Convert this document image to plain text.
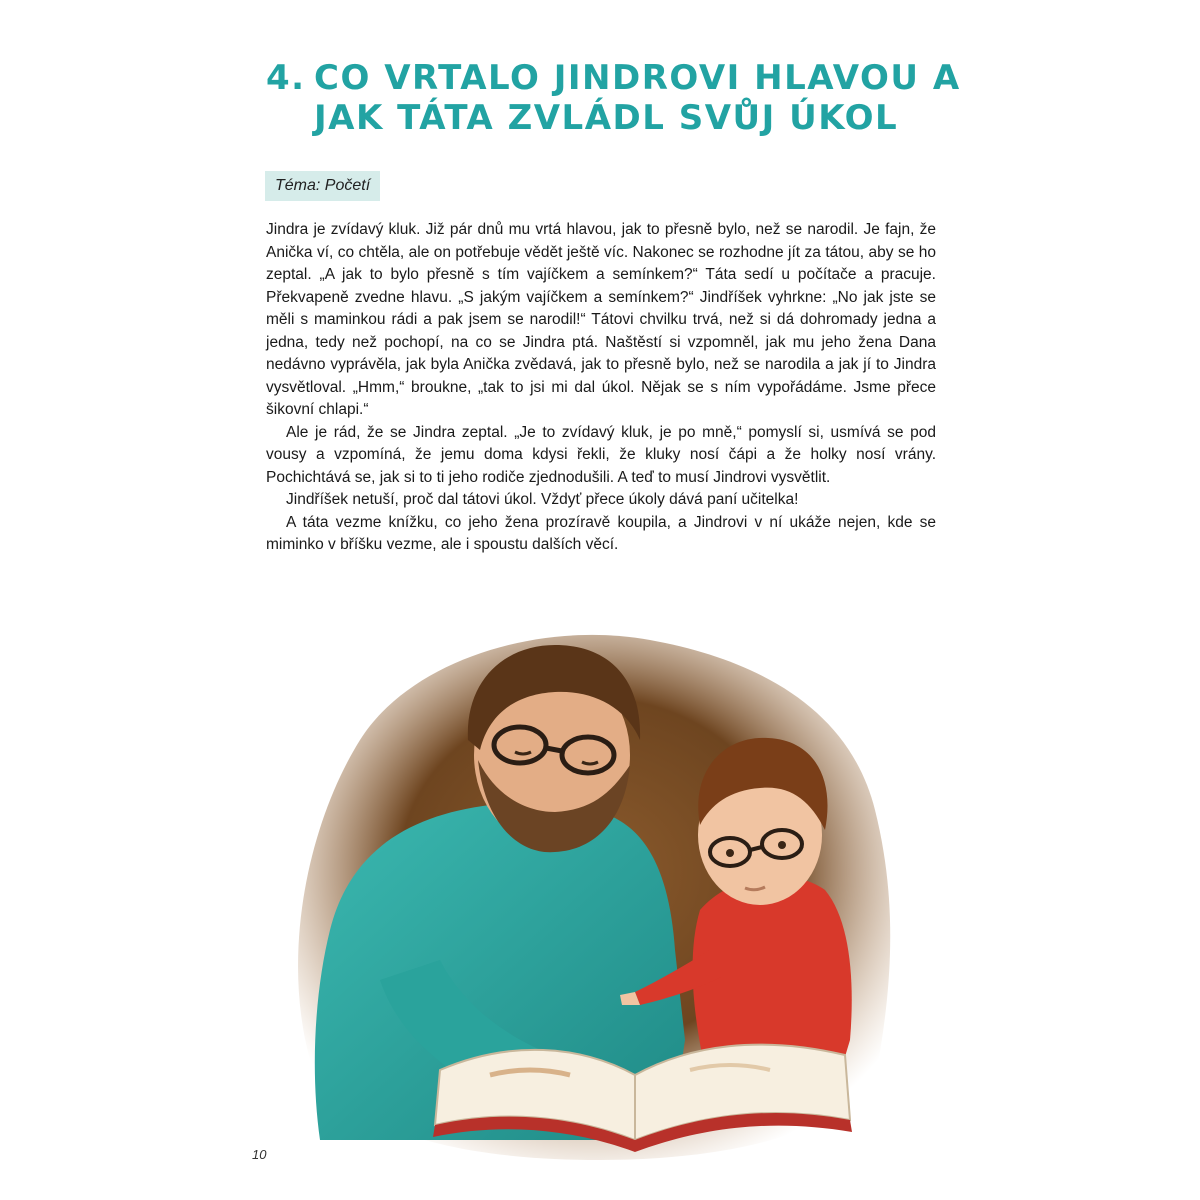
4. CO VRTALO JINDROVI HLAVOU A JAK TÁTA ZVLÁDL SVŮJ ÚKOL
Téma: Početí

Jindra je zvídavý kluk. Již pár dnů mu vrtá hlavou, jak to přesně bylo, než se narodil. Je fajn, že Anička ví, co chtěla, ale on potřebuje vědět ještě víc. Nakonec se rozhodne jít za tátou, aby se ho zeptal. „A jak to bylo přesně s tím vajíčkem a semínkem?“ Táta sedí u počítače a pracuje. Překvapeně zvedne hlavu. „S jakým vajíčkem a semínkem?“ Jindříšek vyhrkne: „No jak jste se měli s maminkou rádi a pak jsem se narodil!“ Tátovi chvilku trvá, než si dá dohromady jedna a jedna, tedy než pochopí, na co se Jindra ptá. Naštěstí si vzpomněl, jak mu jeho žena Dana nedávno vyprávěla, jak byla Anička zvědavá, jak to přesně bylo, než se narodila a jak jí to Jindra vysvětloval. „Hmm,“ broukne, „tak to jsi mi dal úkol. Nějak se s ním vypořádáme. Jsme přece šikovní chlapi.“

Ale je rád, že se Jindra zeptal. „Je to zvídavý kluk, je po mně,“ pomyslí si, usmívá se pod vousy a vzpomíná, že jemu doma kdysi řekli, že kluky nosí čápi a že holky nosí vrány. Pochichtává se, jak si to ti jeho rodiče zjednodušili. A teď to musí Jindrovi vysvětlit.

Jindříšek netuší, proč dal tátovi úkol. Vždyť přece úkoly dává paní učitelka!

A táta vezme knížku, co jeho žena prozíravě koupila, a Jindrovi v ní ukáže nejen, kde se miminko v bříšku vezme, ale i spoustu dalších věcí.

10
